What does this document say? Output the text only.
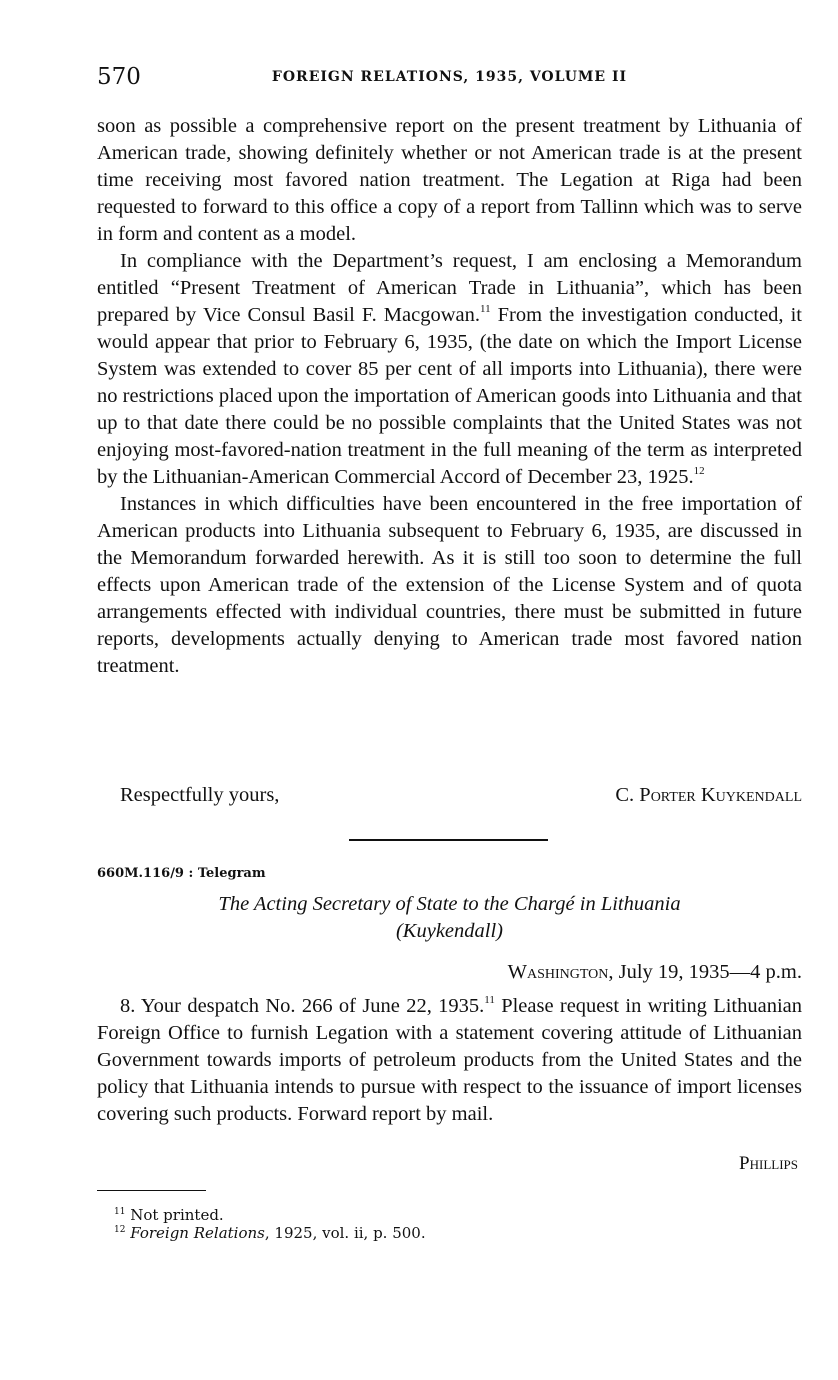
570	FOREIGN RELATIONS, 1935, VOLUME II

soon as possible a comprehensive report on the present treatment by Lithuania of American trade, showing definitely whether or not American trade is at the present time receiving most favored nation treatment. The Legation at Riga had been requested to forward to this office a copy of a report from Tallinn which was to serve in form and content as a model.

In compliance with the Department’s request, I am enclosing a Memorandum entitled “Present Treatment of American Trade in Lithuania”, which has been prepared by Vice Consul Basil F. Macgowan.$^{11}$ From the investigation conducted, it would appear that prior to February 6, 1935, (the date on which the Import License System was extended to cover 85 per cent of all imports into Lithuania), there were no restrictions placed upon the importation of American goods into Lithuania and that up to that date there could be no possible complaints that the United States was not enjoying most-favored-nation treatment in the full meaning of the term as interpreted by the Lithuanian-American Commercial Accord of December 23, 1925.12

Instances in which difficulties have been encountered in the free importation of American products into Lithuania subsequent to February 6, 1935, are discussed in the Memorandum forwarded herewith. As it is still too soon to determine the full effects upon American trade of the extension of the License System and of quota arrangements effected with individual countries, there must be submitted in future reports, developments actually denying to American trade most favored nation treatment.

Respectfully yours,	C. Porter Kuykendall
660M.116/9 : Telegram
The Acting Secretary of State to the Chargé in Lithuania
(Kuykendall)
Washington, July 19, 1935—4 p.m.

8. Your despatch No. 266 of June 22, 1935.11 Please request in writing Lithuanian Foreign Office to furnish Legation with a statement covering attitude of Lithuanian Government towards imports of petroleum products from the United States and the policy that Lithuania intends to pursue with respect to the issuance of import licenses covering such products. Forward report by mail.

Phillips
$^{11}$ Not printed.
$^{12}$ Foreign Relations, 1925, vol. ii, p. 500.
